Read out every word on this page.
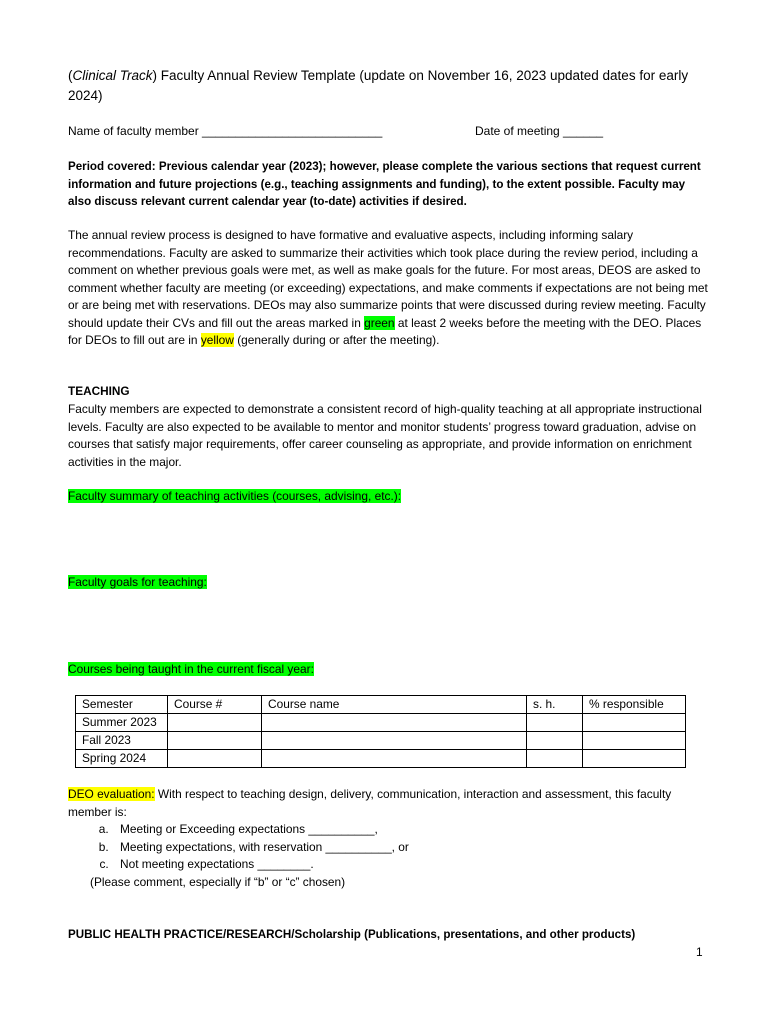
(Clinical Track) Faculty Annual Review Template (update on November 16, 2023 updated dates for early 2024)
Name of faculty member ___________________________	Date of meeting ______
Period covered: Previous calendar year (2023); however, please complete the various sections that request current information and future projections (e.g., teaching assignments and funding), to the extent possible. Faculty may also discuss relevant current calendar year (to-date) activities if desired.
The annual review process is designed to have formative and evaluative aspects, including informing salary recommendations. Faculty are asked to summarize their activities which took place during the review period, including a comment on whether previous goals were met, as well as make goals for the future. For most areas, DEOS are asked to comment whether faculty are meeting (or exceeding) expectations, and make comments if expectations are not being met or are being met with reservations. DEOs may also summarize points that were discussed during review meeting. Faculty should update their CVs and fill out the areas marked in green at least 2 weeks before the meeting with the DEO. Places for DEOs to fill out are in yellow (generally during or after the meeting).
TEACHING
Faculty members are expected to demonstrate a consistent record of high-quality teaching at all appropriate instructional levels. Faculty are also expected to be available to mentor and monitor students’ progress toward graduation, advise on courses that satisfy major requirements, offer career counseling as appropriate, and provide information on enrichment activities in the major.
Faculty summary of teaching activities (courses, advising, etc.):
Faculty goals for teaching:
Courses being taught in the current fiscal year:
Semester	Course #	Course name	s. h.	% responsible
Summer 2023				
Fall 2023				
Spring 2024				
DEO evaluation: With respect to teaching design, delivery, communication, interaction and assessment, this faculty member is:
a. Meeting or Exceeding expectations __________,
b. Meeting expectations, with reservation __________, or
c. Not meeting expectations ________.
(Please comment, especially if “b” or “c” chosen)
PUBLIC HEALTH PRACTICE/RESEARCH/Scholarship (Publications, presentations, and other products)
1
